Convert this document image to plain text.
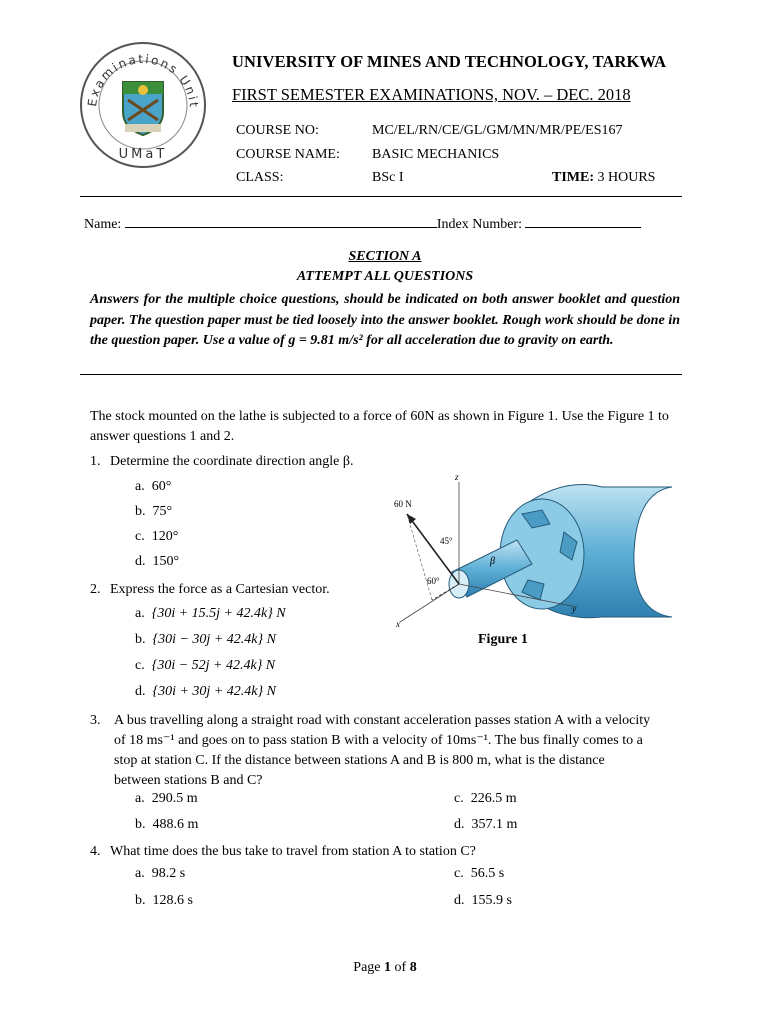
Examinations Unit
UMaT
UNIVERSITY OF MINES AND TECHNOLOGY, TARKWA
FIRST SEMESTER EXAMINATIONS, NOV. – DEC. 2018
COURSE NO:	MC/EL/RN/CE/GL/GM/MN/MR/PE/ES167
COURSE NAME: BASIC MECHANICS
CLASS:	BSc I	TIME: 3 HOURS
Name:	Index Number:
SECTION A
ATTEMPT ALL QUESTIONS
Answers for the multiple choice questions, should be indicated on both answer booklet and question paper. The question paper must be tied loosely into the answer booklet. Rough work should be done in the question paper. Use a value of g = 9.81 m/s² for all acceleration due to gravity on earth.
The stock mounted on the lathe is subjected to a force of 60N as shown in Figure 1. Use the Figure 1 to answer questions 1 and 2.
1. Determine the coordinate direction angle β.
a. 60°
b. 75°
c. 120°
d. 150°
2. Express the force as a Cartesian vector.
a. {30i + 15.5j + 42.4k} N
b. {30i − 30j + 42.4k} N
c. {30i − 52j + 42.4k} N
d. {30i + 30j + 42.4k} N
60 N
45°
60°
β
z
y
x
Figure 1
3. A bus travelling along a straight road with constant acceleration passes station A with a velocity of 18 ms⁻¹ and goes on to pass station B with a velocity of 10ms⁻¹. The bus finally comes to a stop at station C. If the distance between stations A and B is 800 m, what is the distance between stations B and C?
a. 290.5 m	c. 226.5 m
b. 488.6 m	d. 357.1 m
4. What time does the bus take to travel from station A to station C?
a. 98.2 s	c. 56.5 s
b. 128.6 s	d. 155.9 s
Page 1 of 8
